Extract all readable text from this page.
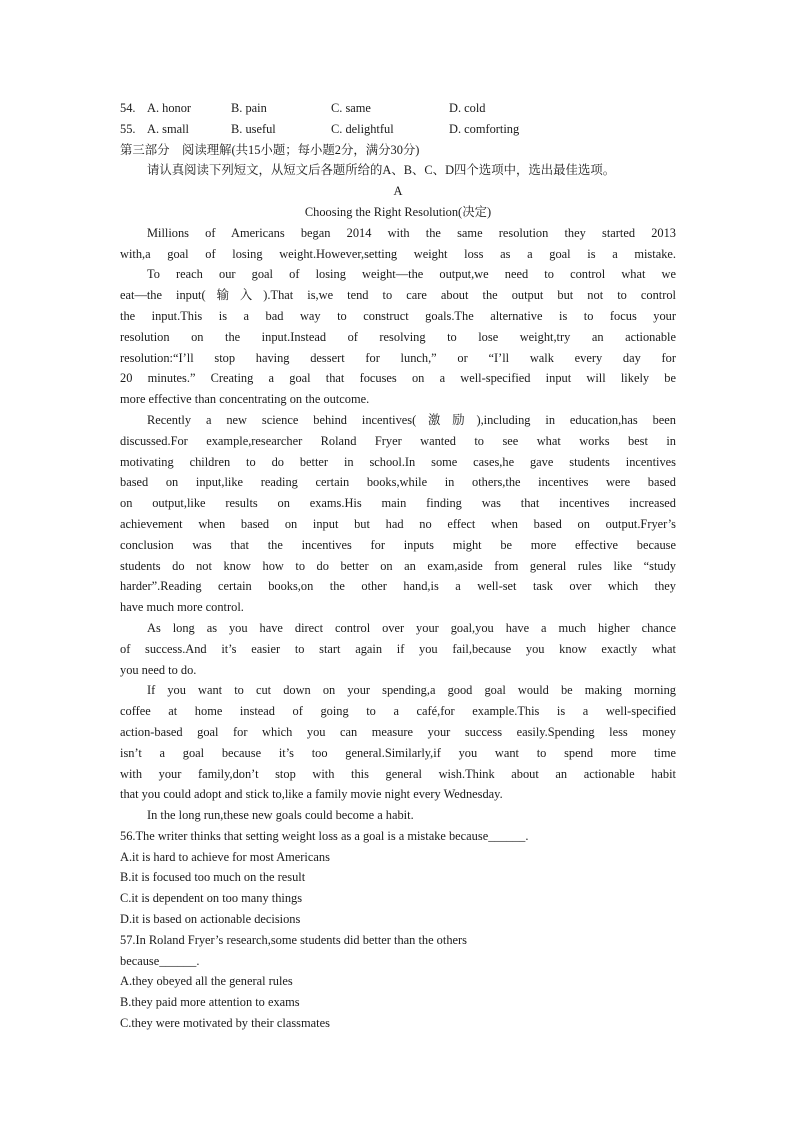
54. A. honor	B. pain	C. same	D. cold
55. A. small	B. useful	C. delightful	D. comforting
第三部分　阅读理解(共15小题；每小题2分，满分30分)
请认真阅读下列短文，从短文后各题所给的A、B、C、D四个选项中，选出最佳选项。
A
Choosing the Right Resolution(决定)
Millions of Americans began 2014 with the same resolution they started 2013
with,a goal of losing weight.However,setting weight loss as a goal is a mistake.
To reach our goal of losing weight—the output,we need to control what we
eat—the input(输入).That is,we tend to care about the output but not to control
the input.This is a bad way to construct goals.The alternative is to focus your
resolution on the input.Instead of resolving to lose weight,try an actionable
resolution:“I’ll stop having dessert for lunch,” or “I’ll walk every day for
20 minutes.” Creating a goal that focuses on a well-specified input will likely be
more effective than concentrating on the outcome.
Recently a new science behind incentives(激励),including in education,has been
discussed.For example,researcher Roland Fryer wanted to see what works best in
motivating children to do better in school.In some cases,he gave students incentives
based on input,like reading certain books,while in others,the incentives were based
on output,like results on exams.His main finding was that incentives increased
achievement when based on input but had no effect when based on output.Fryer’s
conclusion was that the incentives for inputs might be more effective because
students do not know how to do better on an exam,aside from general rules like “study
harder”.Reading certain books,on the other hand,is a well-set task over which they
have much more control.
As long as you have direct control over your goal,you have a much higher chance
of success.And it’s easier to start again if you fail,because you know exactly what
you need to do.
If you want to cut down on your spending,a good goal would be making morning
coffee at home instead of going to a café,for example.This is a well-specified
action-based goal for which you can measure your success easily.Spending less money
isn’t a goal because it’s too general.Similarly,if you want to spend more time
with your family,don’t stop with this general wish.Think about an actionable habit
that you could adopt and stick to,like a family movie night every Wednesday.
In the long run,these new goals could become a habit.
56.The writer thinks that setting weight loss as a goal is a mistake because______.
A.it is hard to achieve for most Americans
B.it is focused too much on the result
C.it is dependent on too many things
D.it is based on actionable decisions
57.In Roland Fryer’s research,some students did better than the others
because______.
A.they obeyed all the general rules
B.they paid more attention to exams
C.they were motivated by their classmates
